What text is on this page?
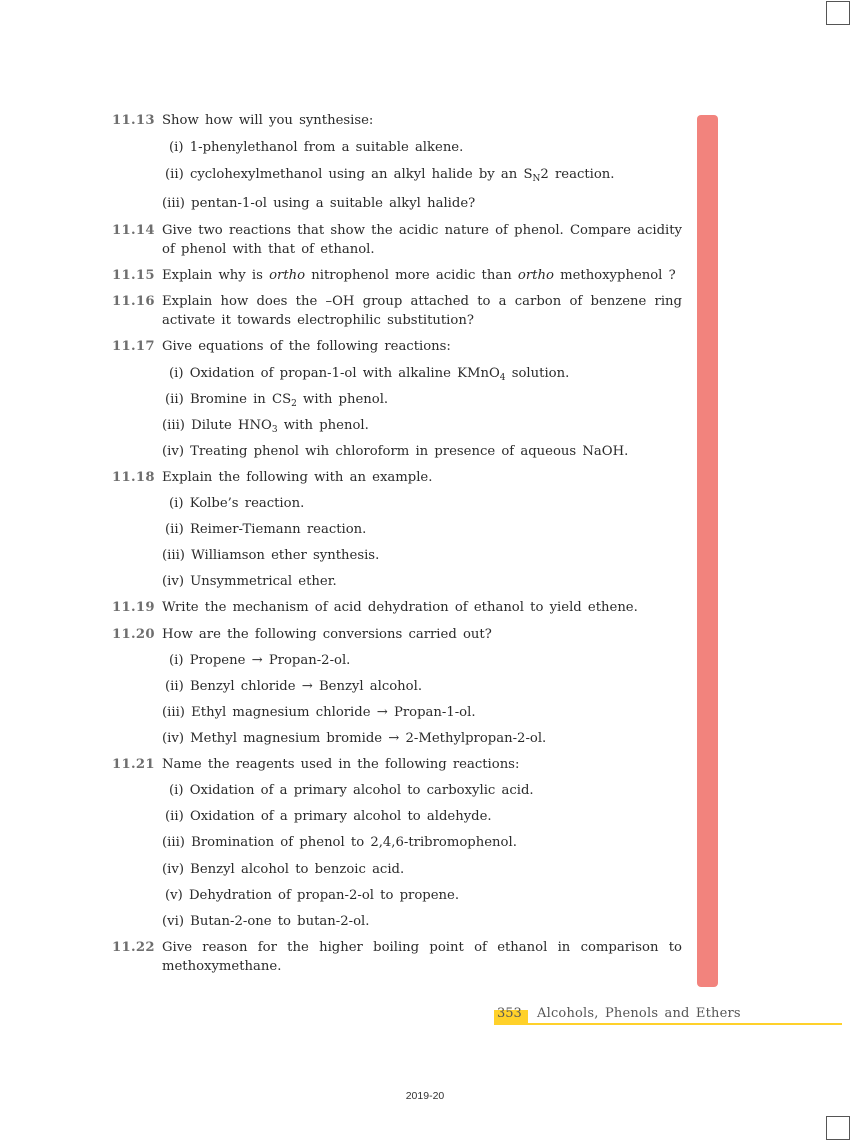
11.13 Show how will you synthesise:
(i) 1-phenylethanol from a suitable alkene.
(ii) cyclohexylmethanol using an alkyl halide by an $S_N2$ reaction.
(iii) pentan-1-ol using a suitable alkyl halide?
11.14 Give two reactions that show the acidic nature of phenol. Compare acidity of phenol with that of ethanol.
11.15 Explain why is ortho nitrophenol more acidic than ortho methoxyphenol ?
11.16 Explain how does the –OH group attached to a carbon of benzene ring activate it towards electrophilic substitution?
11.17 Give equations of the following reactions:
(i) Oxidation of propan-1-ol with alkaline KMnO$_4$ solution.
(ii) Bromine in $CS_2$ with phenol.
(iii) Dilute $HNO_3$ with phenol.
(iv) Treating phenol wih chloroform in presence of aqueous NaOH.
11.18 Explain the following with an example.
(i) Kolbe’s reaction.
(ii) Reimer-Tiemann reaction.
(iii) Williamson ether synthesis.
(iv) Unsymmetrical ether.
11.19 Write the mechanism of acid dehydration of ethanol to yield ethene.
11.20 How are the following conversions carried out?
(i) Propene → Propan-2-ol.
(ii) Benzyl chloride → Benzyl alcohol.
(iii) Ethyl magnesium chloride → Propan-1-ol.
(iv) Methyl magnesium bromide → 2-Methylpropan-2-ol.
11.21 Name the reagents used in the following reactions:
(i) Oxidation of a primary alcohol to carboxylic acid.
(ii) Oxidation of a primary alcohol to aldehyde.
(iii) Bromination of phenol to 2,4,6-tribromophenol.
(iv) Benzyl alcohol to benzoic acid.
(v) Dehydration of propan-2-ol to propene.
(vi) Butan-2-one to butan-2-ol.
11.22 Give reason for the higher boiling point of ethanol in comparison to methoxymethane.
353 Alcohols, Phenols and Ethers
2019-20
